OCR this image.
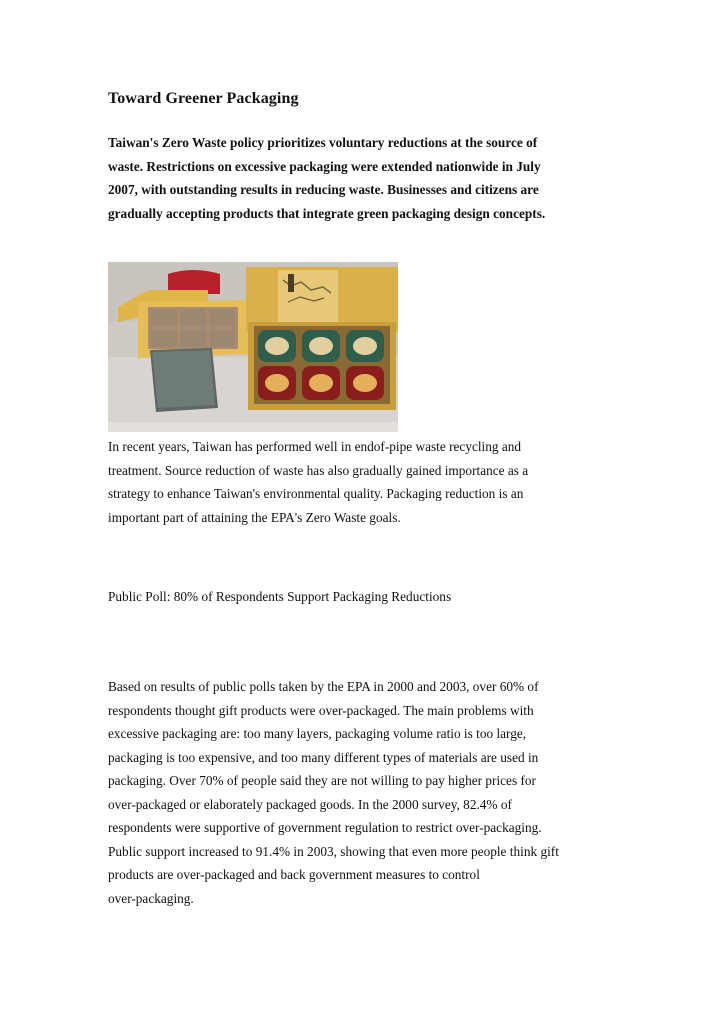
Toward Greener Packaging
Taiwan's Zero Waste policy prioritizes voluntary reductions at the source of
waste. Restrictions on excessive packaging were extended nationwide in July
2007, with outstanding results in reducing waste. Businesses and citizens are
gradually accepting products that integrate green packaging design concepts.
In recent years, Taiwan has performed well in endof-pipe waste recycling and
treatment. Source reduction of waste has also gradually gained importance as a
strategy to enhance Taiwan's environmental quality. Packaging reduction is an
important part of attaining the EPA's Zero Waste goals.
Public Poll: 80% of Respondents Support Packaging Reductions
Based on results of public polls taken by the EPA in 2000 and 2003, over 60% of
respondents thought gift products were over-packaged. The main problems with
excessive packaging are: too many layers, packaging volume ratio is too large,
packaging is too expensive, and too many different types of materials are used in
packaging. Over 70% of people said they are not willing to pay higher prices for
over-packaged or elaborately packaged goods. In the 2000 survey, 82.4% of
respondents were supportive of government regulation to restrict over-packaging.
Public support increased to 91.4% in 2003, showing that even more people think gift
products are over-packaged and back government measures to control
over-packaging.
